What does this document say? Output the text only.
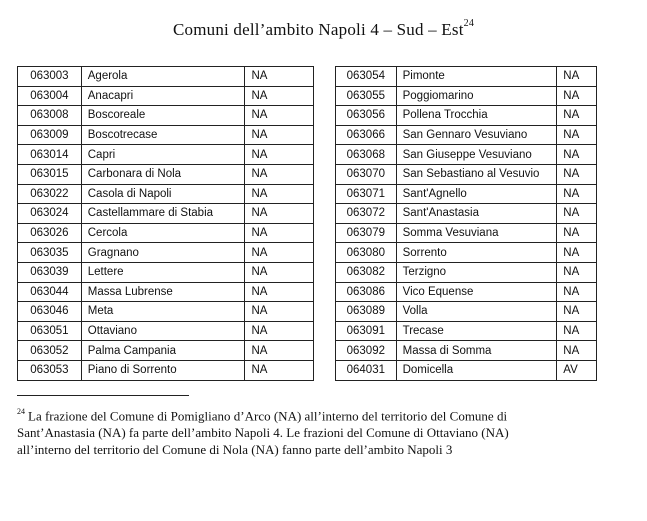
Comuni dell’ambito Napoli 4 – Sud – Est$^{24}$
063003	Agerola	NA
063004	Anacapri	NA
063008	Boscoreale	NA
063009	Boscotrecase	NA
063014	Capri	NA
063015	Carbonara di Nola	NA
063022	Casola di Napoli	NA
063024	Castellammare di Stabia	NA
063026	Cercola	NA
063035	Gragnano	NA
063039	Lettere	NA
063044	Massa Lubrense	NA
063046	Meta	NA
063051	Ottaviano	NA
063052	Palma Campania	NA
063053	Piano di Sorrento	NA
063054	Pimonte	NA
063055	Poggiomarino	NA
063056	Pollena Trocchia	NA
063066	San Gennaro Vesuviano	NA
063068	San Giuseppe Vesuviano	NA
063070	San Sebastiano al Vesuvio	NA
063071	Sant'Agnello	NA
063072	Sant'Anastasia	NA
063079	Somma Vesuviana	NA
063080	Sorrento	NA
063082	Terzigno	NA
063086	Vico Equense	NA
063089	Volla	NA
063091	Trecase	NA
063092	Massa di Somma	NA
064031	Domicella	AV
$^{24}$ La frazione del Comune di Pomigliano d’Arco (NA) all’interno del territorio del Comune di
Sant’Anastasia (NA) fa parte dell’ambito Napoli 4. Le frazioni del Comune di Ottaviano (NA)
all’interno del territorio del Comune di Nola (NA) fanno parte dell’ambito Napoli 3
